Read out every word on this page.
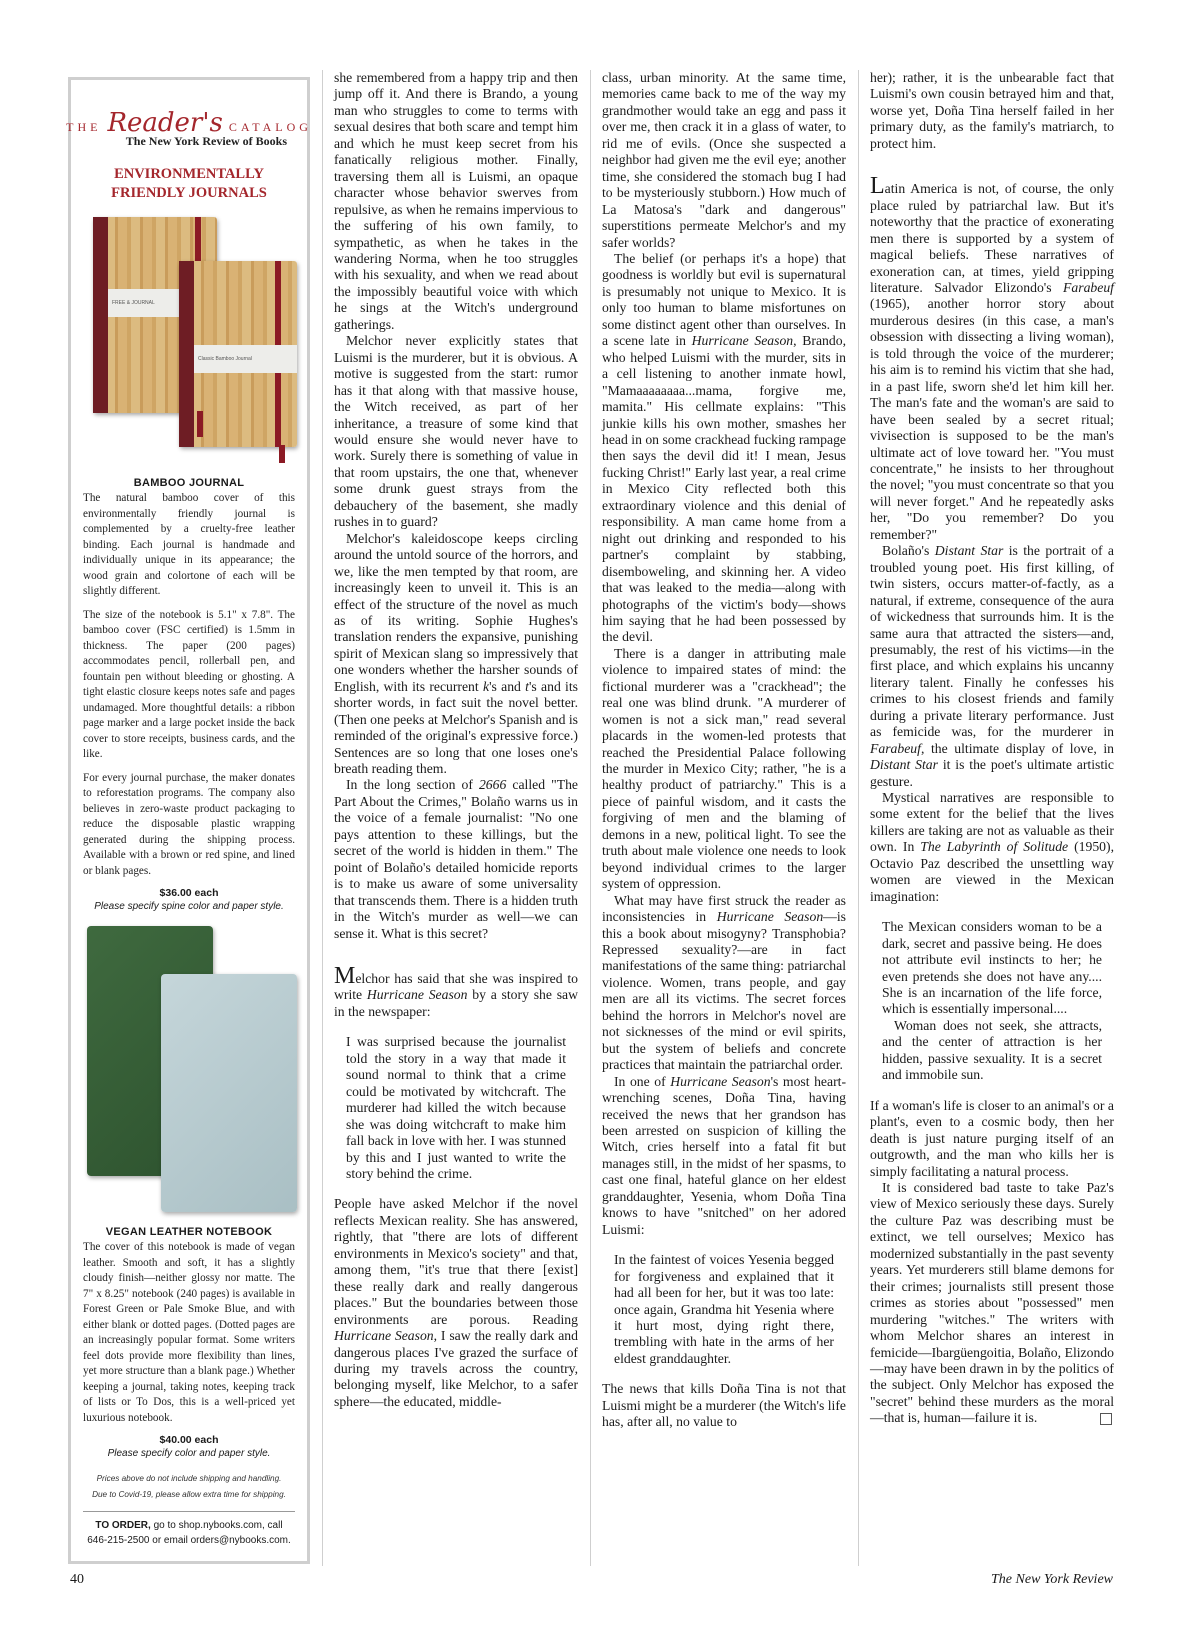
THE Reader's CATALOG
The New York Review of Books
ENVIRONMENTALLY
FRIENDLY JOURNALS
FREE & JOURNAL
Classic Bamboo Journal
BAMBOO JOURNAL

The natural bamboo cover of this environmentally friendly journal is complemented by a cruelty-free leather binding. Each journal is handmade and individually unique in its appearance; the wood grain and colortone of each will be slightly different.

The size of the notebook is 5.1" x 7.8". The bamboo cover (FSC certified) is 1.5mm in thickness. The paper (200 pages) accommodates pencil, rollerball pen, and fountain pen without bleeding or ghosting. A tight elastic closure keeps notes safe and pages undamaged. More thoughtful details: a ribbon page marker and a large pocket inside the back cover to store receipts, business cards, and the like.

For every journal purchase, the maker donates to reforestation programs. The company also believes in zero-waste product packaging to reduce the disposable plastic wrapping generated during the shipping process. Available with a brown or red spine, and lined or blank pages.

$36.00 each
Please specify spine color and paper style.
VEGAN LEATHER NOTEBOOK

The cover of this notebook is made of vegan leather. Smooth and soft, it has a slightly cloudy finish—neither glossy nor matte. The 7" x 8.25" notebook (240 pages) is available in Forest Green or Pale Smoke Blue, and with either blank or dotted pages. (Dotted pages are an increasingly popular format. Some writers feel dots provide more flexibility than lines, yet more structure than a blank page.) Whether keeping a journal, taking notes, keeping track of lists or To Dos, this is a well-priced yet luxurious notebook.

$40.00 each
Please specify color and paper style.
Prices above do not include shipping and handling.
Due to Covid-19, please allow extra time for shipping.
TO ORDER, go to shop.nybooks.com, call
646-215-2500 or email orders@nybooks.com.

she remembered from a happy trip and then jump off it. And there is Brando, a young man who struggles to come to terms with sexual desires that both scare and tempt him and which he must keep secret from his fanatically religious mother. Finally, traversing them all is Luismi, an opaque character whose behavior swerves from repulsive, as when he remains impervious to the suffering of his own family, to sympathetic, as when he takes in the wandering Norma, when he too struggles with his sexuality, and when we read about the impossibly beautiful voice with which he sings at the Witch's underground gatherings.

Melchor never explicitly states that Luismi is the murderer, but it is obvious. A motive is suggested from the start: rumor has it that along with that massive house, the Witch received, as part of her inheritance, a treasure of some kind that would ensure she would never have to work. Surely there is something of value in that room upstairs, the one that, whenever some drunk guest strays from the debauchery of the basement, she madly rushes in to guard?

Melchor's kaleidoscope keeps circling around the untold source of the horrors, and we, like the men tempted by that room, are increasingly keen to unveil it. This is an effect of the structure of the novel as much as of its writing. Sophie Hughes's translation renders the expansive, punishing spirit of Mexican slang so impressively that one wonders whether the harsher sounds of English, with its recurrent k's and t's and its shorter words, in fact suit the novel better. (Then one peeks at Melchor's Spanish and is reminded of the original's expressive force.) Sentences are so long that one loses one's breath reading them.

In the long section of 2666 called "The Part About the Crimes," Bolaño warns us in the voice of a female journalist: "No one pays attention to these killings, but the secret of the world is hidden in them." The point of Bolaño's detailed homicide reports is to make us aware of some universality that transcends them. There is a hidden truth in the Witch's murder as well—we can sense it. What is this secret?

Melchor has said that she was inspired to write Hurricane Season by a story she saw in the newspaper:

I was surprised because the journalist told the story in a way that made it sound normal to think that a crime could be motivated by witchcraft. The murderer had killed the witch because she was doing witchcraft to make him fall back in love with her. I was stunned by this and I just wanted to write the story behind the crime.

People have asked Melchor if the novel reflects Mexican reality. She has answered, rightly, that "there are lots of different environments in Mexico's society" and that, among them, "it's true that there [exist] these really dark and really dangerous places." But the boundaries between those environments are porous. Reading Hurricane Season, I saw the really dark and dangerous places I've grazed the surface of during my travels across the country, belonging myself, like Melchor, to a safer sphere—the educated, middle-

class, urban minority. At the same time, memories came back to me of the way my grandmother would take an egg and pass it over me, then crack it in a glass of water, to rid me of evils. (Once she suspected a neighbor had given me the evil eye; another time, she considered the stomach bug I had to be mysteriously stubborn.) How much of La Matosa's "dark and dangerous" superstitions permeate Melchor's and my safer worlds?

The belief (or perhaps it's a hope) that goodness is worldly but evil is supernatural is presumably not unique to Mexico. It is only too human to blame misfortunes on some distinct agent other than ourselves. In a scene late in Hurricane Season, Brando, who helped Luismi with the murder, sits in a cell listening to another inmate howl, "Mamaaaaaaaa...mama, forgive me, mamita." His cellmate explains: "This junkie kills his own mother, smashes her head in on some crackhead fucking rampage then says the devil did it! I mean, Jesus fucking Christ!" Early last year, a real crime in Mexico City reflected both this extraordinary violence and this denial of responsibility. A man came home from a night out drinking and responded to his partner's complaint by stabbing, disemboweling, and skinning her. A video that was leaked to the media—along with photographs of the victim's body—shows him saying that he had been possessed by the devil.

There is a danger in attributing male violence to impaired states of mind: the fictional murderer was a "crackhead"; the real one was blind drunk. "A murderer of women is not a sick man," read several placards in the women-led protests that reached the Presidential Palace following the murder in Mexico City; rather, "he is a healthy product of patriarchy." This is a piece of painful wisdom, and it casts the forgiving of men and the blaming of demons in a new, political light. To see the truth about male violence one needs to look beyond individual crimes to the larger system of oppression.

What may have first struck the reader as inconsistencies in Hurricane Season—is this a book about misogyny? Transphobia? Repressed sexuality?—are in fact manifestations of the same thing: patriarchal violence. Women, trans people, and gay men are all its victims. The secret forces behind the horrors in Melchor's novel are not sicknesses of the mind or evil spirits, but the system of beliefs and concrete practices that maintain the patriarchal order.

In one of Hurricane Season's most heart-wrenching scenes, Doña Tina, having received the news that her grandson has been arrested on suspicion of killing the Witch, cries herself into a fatal fit but manages still, in the midst of her spasms, to cast one final, hateful glance on her eldest granddaughter, Yesenia, whom Doña Tina knows to have "snitched" on her adored Luismi:

In the faintest of voices Yesenia begged for forgiveness and explained that it had all been for her, but it was too late: once again, Grandma hit Yesenia where it hurt most, dying right there, trembling with hate in the arms of her eldest granddaughter.

The news that kills Doña Tina is not that Luismi might be a murderer (the Witch's life has, after all, no value to

her); rather, it is the unbearable fact that Luismi's own cousin betrayed him and that, worse yet, Doña Tina herself failed in her primary duty, as the family's matriarch, to protect him.

Latin America is not, of course, the only place ruled by patriarchal law. But it's noteworthy that the practice of exonerating men there is supported by a system of magical beliefs. These narratives of exoneration can, at times, yield gripping literature. Salvador Elizondo's Farabeuf (1965), another horror story about murderous desires (in this case, a man's obsession with dissecting a living woman), is told through the voice of the murderer; his aim is to remind his victim that she had, in a past life, sworn she'd let him kill her. The man's fate and the woman's are said to have been sealed by a secret ritual; vivisection is supposed to be the man's ultimate act of love toward her. "You must concentrate," he insists to her throughout the novel; "you must concentrate so that you will never forget." And he repeatedly asks her, "Do you remember? Do you remember?"

Bolaño's Distant Star is the portrait of a troubled young poet. His first killing, of twin sisters, occurs matter-of-factly, as a natural, if extreme, consequence of the aura of wickedness that surrounds him. It is the same aura that attracted the sisters—and, presumably, the rest of his victims—in the first place, and which explains his uncanny literary talent. Finally he confesses his crimes to his closest friends and family during a private literary performance. Just as femicide was, for the murderer in Farabeuf, the ultimate display of love, in Distant Star it is the poet's ultimate artistic gesture.

Mystical narratives are responsible to some extent for the belief that the lives killers are taking are not as valuable as their own. In The Labyrinth of Solitude (1950), Octavio Paz described the unsettling way women are viewed in the Mexican imagination:

The Mexican considers woman to be a dark, secret and passive being. He does not attribute evil instincts to her; he even pretends she does not have any.... She is an incarnation of the life force, which is essentially impersonal....

Woman does not seek, she attracts, and the center of attraction is her hidden, passive sexuality. It is a secret and immobile sun.

If a woman's life is closer to an animal's or a plant's, even to a cosmic body, then her death is just nature purging itself of an outgrowth, and the man who kills her is simply facilitating a natural process.

It is considered bad taste to take Paz's view of Mexico seriously these days. Surely the culture Paz was describing must be extinct, we tell ourselves; Mexico has modernized substantially in the past seventy years. Yet murderers still blame demons for their crimes; journalists still present those crimes as stories about "possessed" men murdering "witches." The writers with whom Melchor shares an interest in femicide—Ibargüengoitia, Bolaño, Elizondo—may have been drawn in by the politics of the subject. Only Melchor has exposed the "secret" behind these murders as the moral—that is, human—failure it is.

40	The New York Review
